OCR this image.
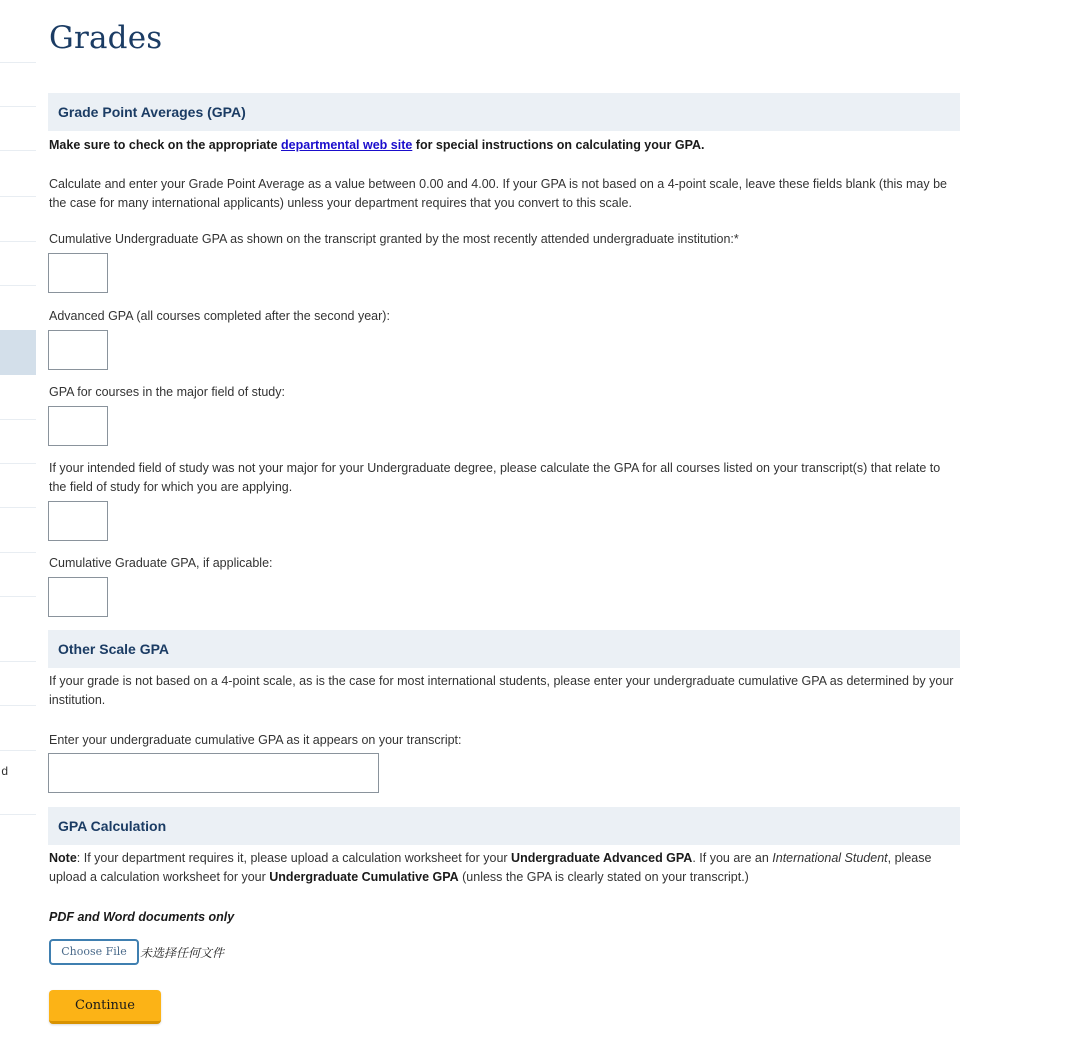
d
Grades
Grade Point Averages (GPA)
Make sure to check on the appropriate departmental web site for special instructions on calculating your GPA.
Calculate and enter your Grade Point Average as a value between 0.00 and 4.00. If your GPA is not based on a 4-point scale, leave these fields blank (this may be the case for many international applicants) unless your department requires that you convert to this scale.
Cumulative Undergraduate GPA as shown on the transcript granted by the most recently attended undergraduate institution:*
Advanced GPA (all courses completed after the second year):
GPA for courses in the major field of study:
If your intended field of study was not your major for your Undergraduate degree, please calculate the GPA for all courses listed on your transcript(s) that relate to the field of study for which you are applying.
Cumulative Graduate GPA, if applicable:
Other Scale GPA
If your grade is not based on a 4-point scale, as is the case for most international students, please enter your undergraduate cumulative GPA as determined by your institution.
Enter your undergraduate cumulative GPA as it appears on your transcript:
GPA Calculation
Note: If your department requires it, please upload a calculation worksheet for your Undergraduate Advanced GPA. If you are an International Student, please upload a calculation worksheet for your Undergraduate Cumulative GPA (unless the GPA is clearly stated on your transcript.)
PDF and Word documents only
Choose File	未选择任何文件
Continue
